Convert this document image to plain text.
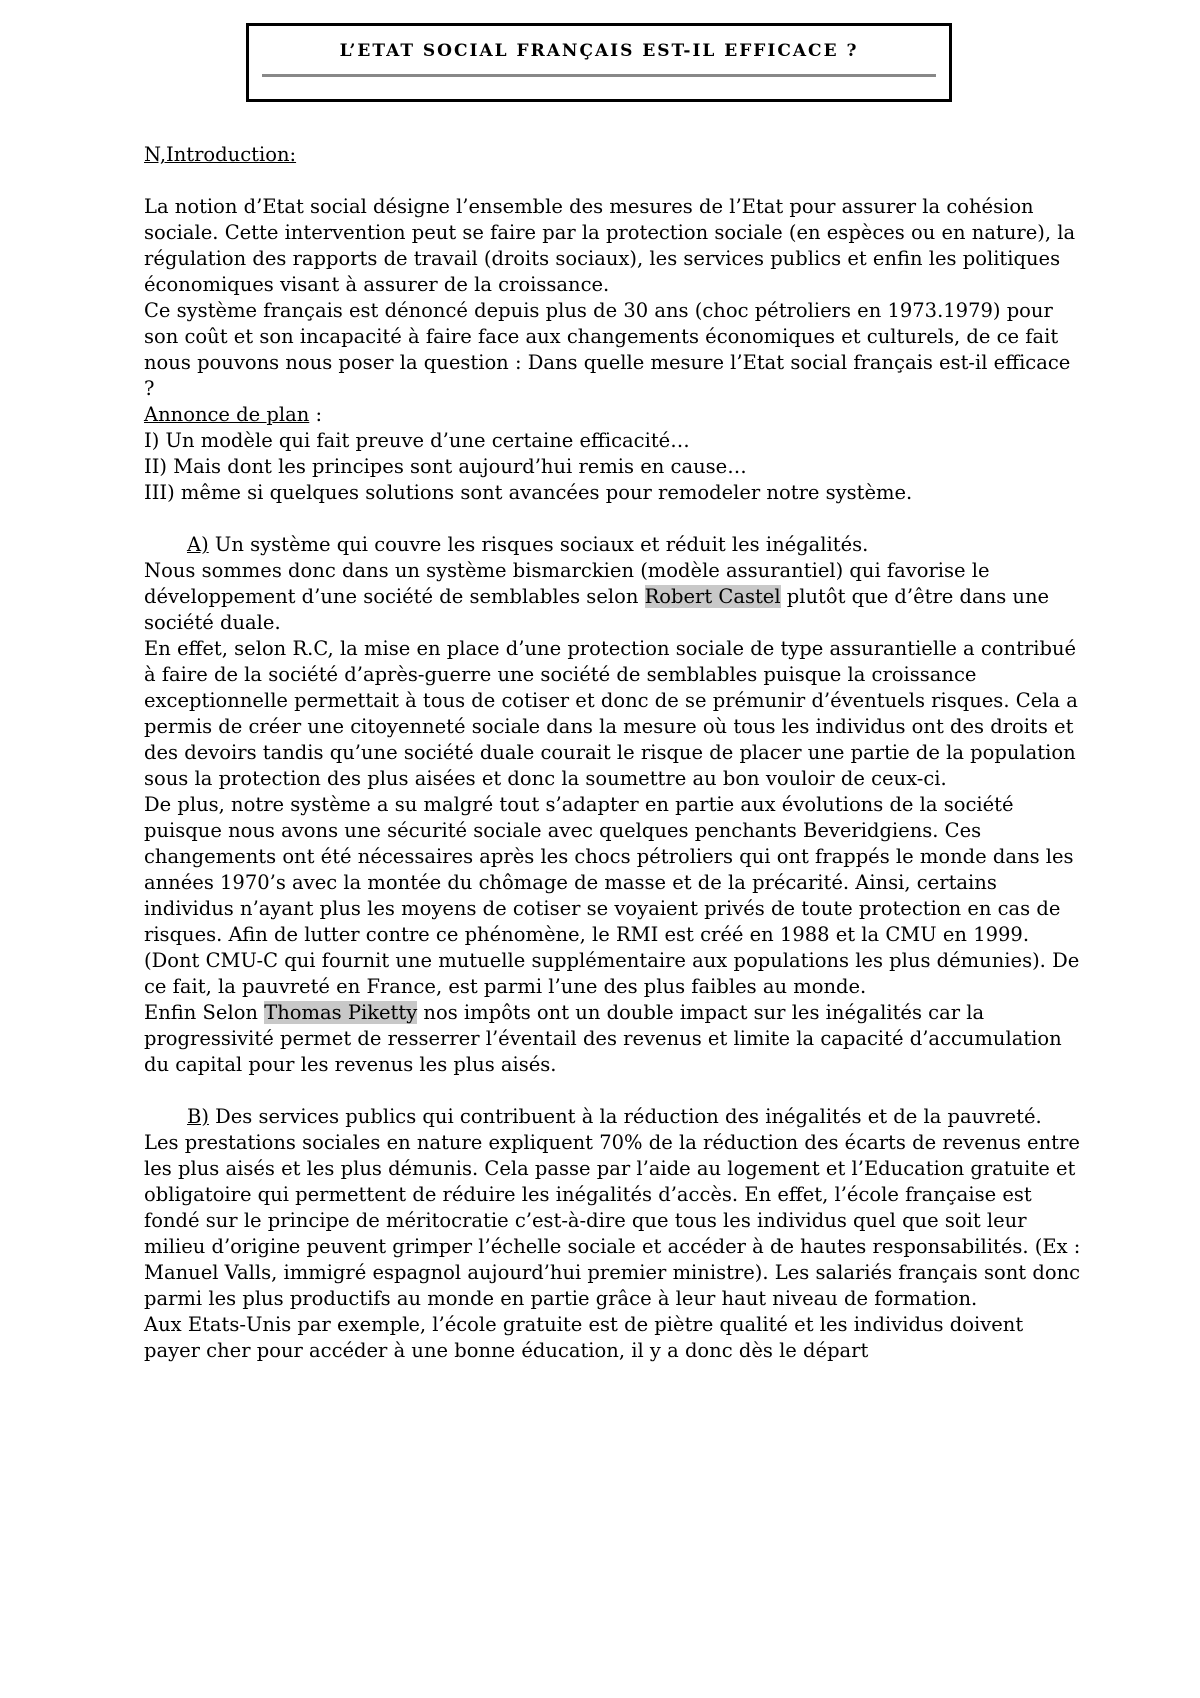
L’ETAT SOCIAL FRANÇAIS EST-IL EFFICACE ?

N,Introduction:

La notion d’Etat social désigne l’ensemble des mesures de l’Etat pour assurer la cohésion sociale. Cette intervention peut se faire par la protection sociale (en espèces ou en nature), la régulation des rapports de travail (droits sociaux), les services publics et enfin les politiques économiques visant à assurer de la croissance.

Ce système français est dénoncé depuis plus de 30 ans (choc pétroliers en 1973.1979) pour son coût et son incapacité à faire face aux changements économiques et culturels, de ce fait nous pouvons nous poser la question : Dans quelle mesure l’Etat social français est-il efficace ?

Annonce de plan :

I) Un modèle qui fait preuve d’une certaine efficacité…

II) Mais dont les principes sont aujourd’hui remis en cause…

III) même si quelques solutions sont avancées pour remodeler notre système.

A) Un système qui couvre les risques sociaux et réduit les inégalités.

Nous sommes donc dans un système bismarckien (modèle assurantiel) qui favorise le développement d’une société de semblables selon Robert Castel plutôt que d’être dans une société duale.

En effet, selon R.C, la mise en place d’une protection sociale de type assurantielle a contribué à faire de la société d’après-guerre une société de semblables puisque la croissance exceptionnelle permettait à tous de cotiser et donc de se prémunir d’éventuels risques. Cela a permis de créer une citoyenneté sociale dans la mesure où tous les individus ont des droits et des devoirs tandis qu’une société duale courait le risque de placer une partie de la population sous la protection des plus aisées et donc la soumettre au bon vouloir de ceux-ci.

De plus, notre système a su malgré tout s’adapter en partie aux évolutions de la société puisque nous avons une sécurité sociale avec quelques penchants Beveridgiens. Ces changements ont été nécessaires après les chocs pétroliers qui ont frappés le monde dans les années 1970’s avec la montée du chômage de masse et de la précarité. Ainsi, certains individus n’ayant plus les moyens de cotiser se voyaient privés de toute protection en cas de risques. Afin de lutter contre ce phénomène, le RMI est créé en 1988 et la CMU en 1999. (Dont CMU-C qui fournit une mutuelle supplémentaire aux populations les plus démunies). De ce fait, la pauvreté en France, est parmi l’une des plus faibles au monde.

Enfin Selon Thomas Piketty nos impôts ont un double impact sur les inégalités car la progressivité permet de resserrer l’éventail des revenus et limite la capacité d’accumulation du capital pour les revenus les plus aisés.

B) Des services publics qui contribuent à la réduction des inégalités et de la pauvreté.

Les prestations sociales en nature expliquent 70% de la réduction des écarts de revenus entre les plus aisés et les plus démunis. Cela passe par l’aide au logement et l’Education gratuite et obligatoire qui permettent de réduire les inégalités d’accès. En effet, l’école française est fondé sur le principe de méritocratie c’est-à-dire que tous les individus quel que soit leur milieu d’origine peuvent grimper l’échelle sociale et accéder à de hautes responsabilités. (Ex : Manuel Valls, immigré espagnol aujourd’hui premier ministre). Les salariés français sont donc parmi les plus productifs au monde en partie grâce à leur haut niveau de formation.

Aux Etats-Unis par exemple, l’école gratuite est de piètre qualité et les individus doivent payer cher pour accéder à une bonne éducation, il y a donc dès le départ
